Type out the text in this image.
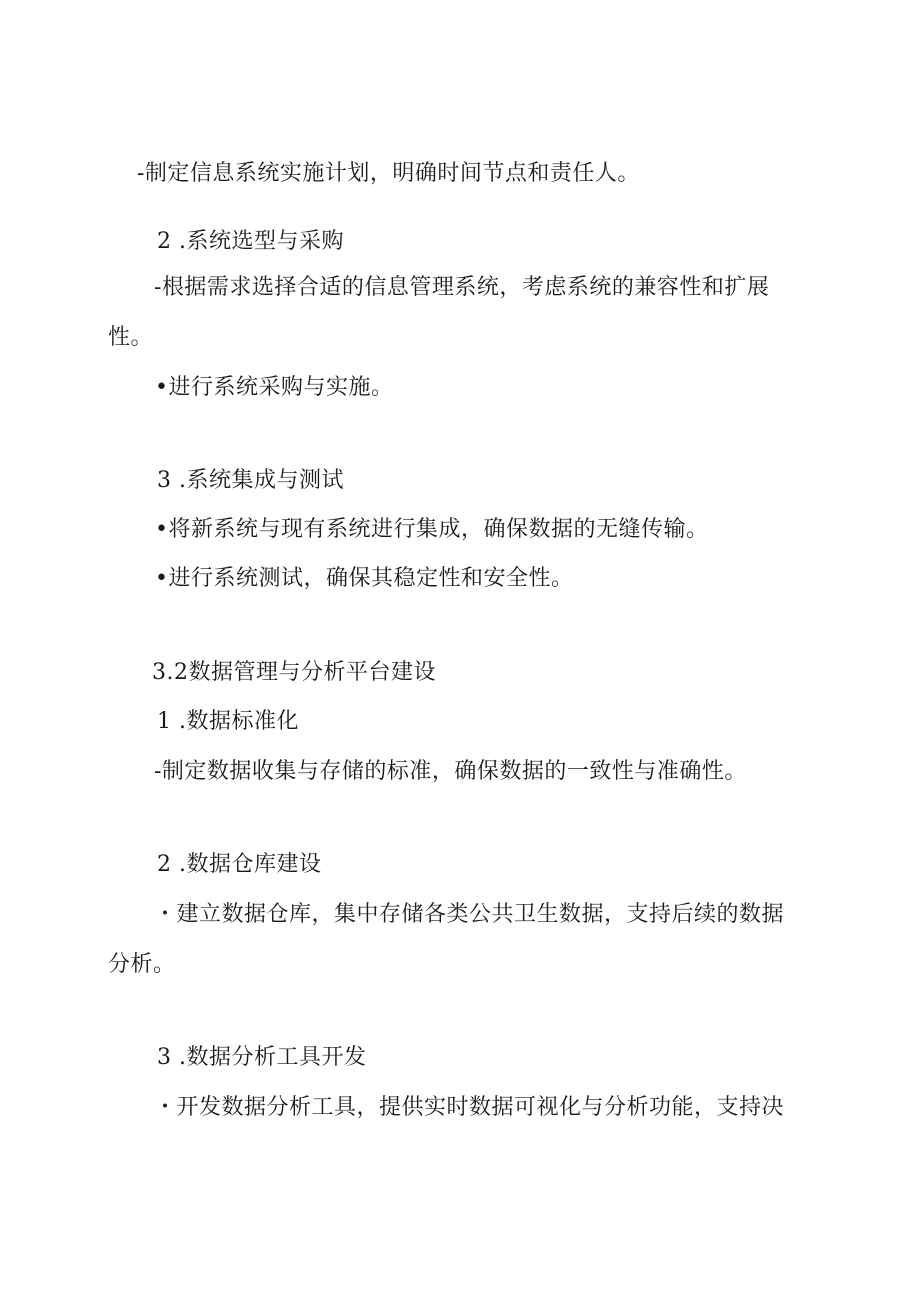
-制定信息系统实施计划，明确时间节点和责任人。
2 .系统选型与采购
-根据需求选择合适的信息管理系统，考虑系统的兼容性和扩展
性。
•进行系统采购与实施。
3 .系统集成与测试
•将新系统与现有系统进行集成，确保数据的无缝传输。
•进行系统测试，确保其稳定性和安全性。
3.2数据管理与分析平台建设
1 .数据标准化
-制定数据收集与存储的标准，确保数据的一致性与准确性。
2 .数据仓库建设
・建立数据仓库，集中存储各类公共卫生数据，支持后续的数据
分析。
3 .数据分析工具开发
・开发数据分析工具，提供实时数据可视化与分析功能，支持决
